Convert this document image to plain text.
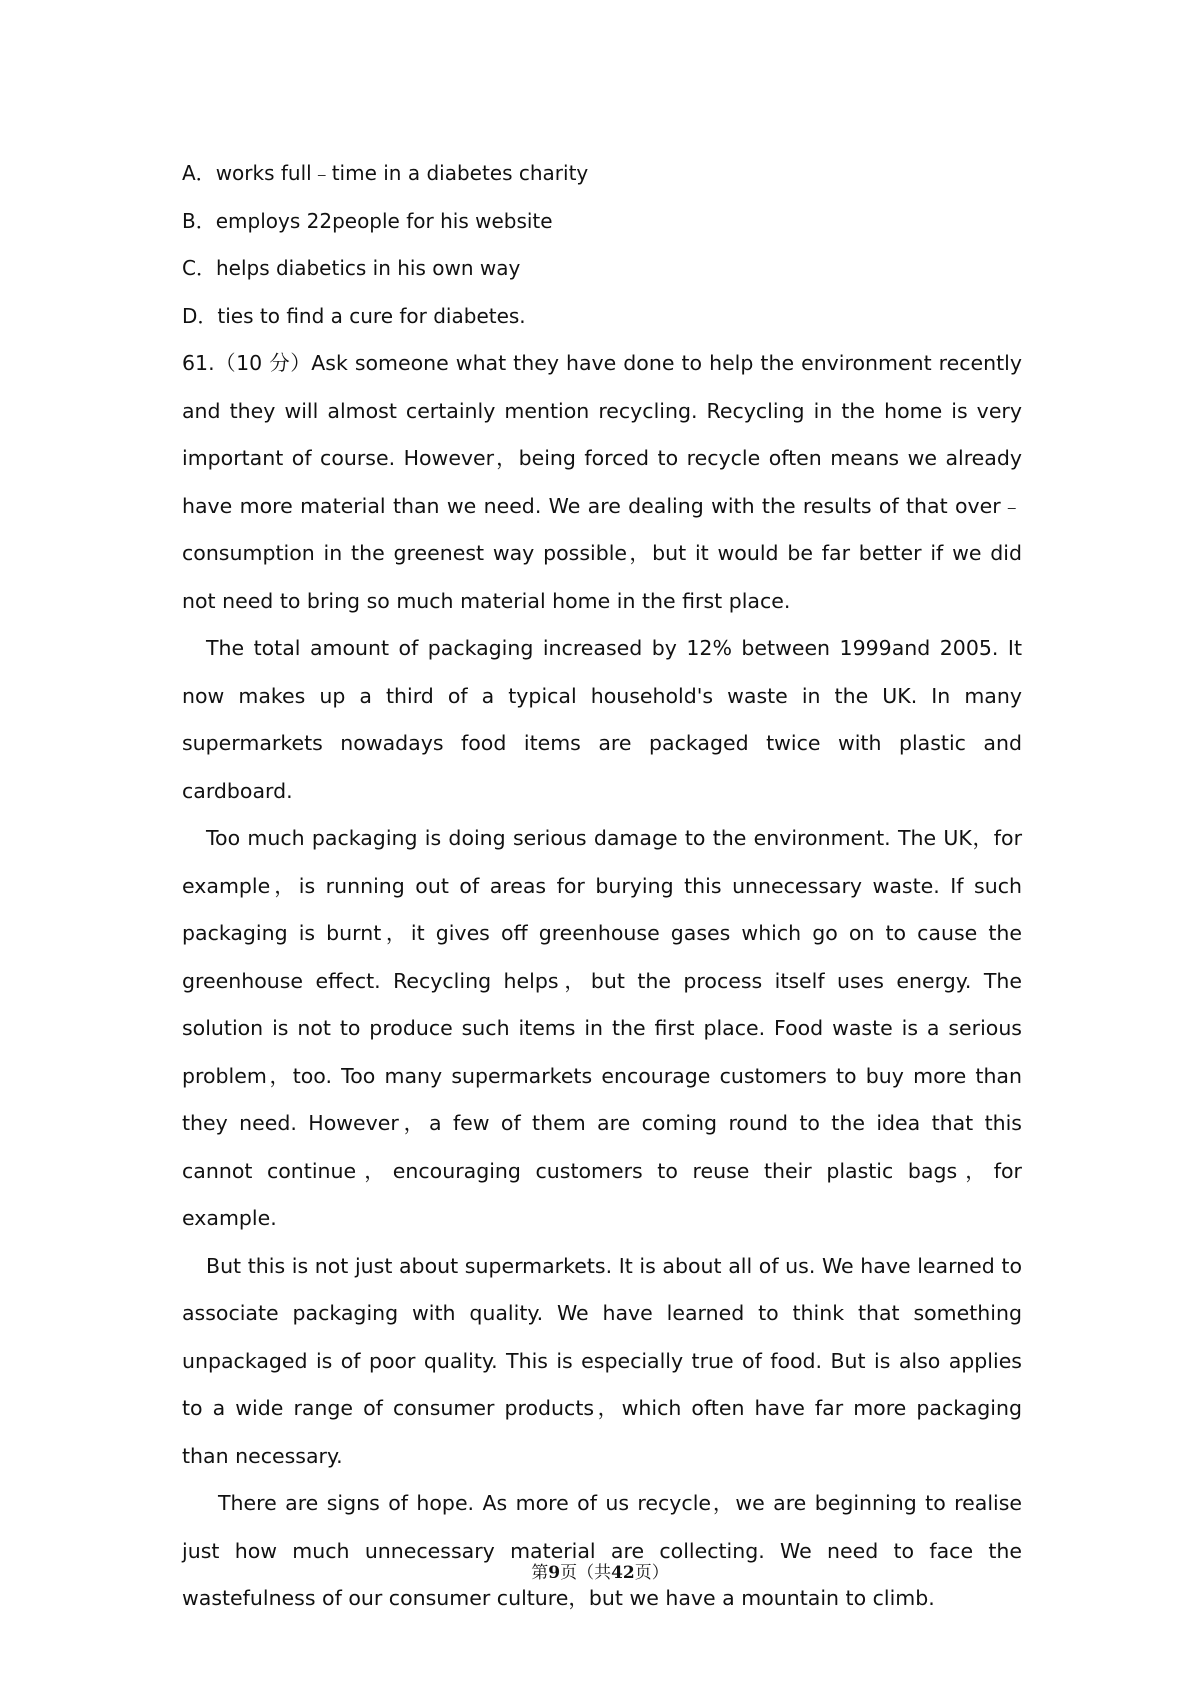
A．works full﹣time in a diabetes charity
B．employs 22people for his website
C．helps diabetics in his own way
D．ties to find a cure for diabetes.

61.（10 分）Ask someone what they have done to help the environment recently and they will almost certainly mention recycling. Recycling in the home is very important of course. However，being forced to recycle often means we already have more material than we need. We are dealing with the results of that over﹣consumption in the greenest way possible，but it would be far better if we did not need to bring so much material home in the first place.

The total amount of packaging increased by 12% between 1999and 2005. It now makes up a third of a typical household's waste in the UK. In many supermarkets nowadays food items are packaged twice with plastic and cardboard.

Too much packaging is doing serious damage to the environment. The UK，for example，is running out of areas for burying this unnecessary waste. If such packaging is burnt，it gives off greenhouse gases which go on to cause the greenhouse effect. Recycling helps，but the process itself uses energy. The solution is not to produce such items in the first place. Food waste is a serious problem，too. Too many supermarkets encourage customers to buy more than they need. However，a few of them are coming round to the idea that this cannot continue，encouraging customers to reuse their plastic bags，for example.

But this is not just about supermarkets. It is about all of us. We have learned to associate packaging with quality. We have learned to think that something unpackaged is of poor quality. This is especially true of food. But is also applies to a wide range of consumer products，which often have far more packaging than necessary.

There are signs of hope. As more of us recycle，we are beginning to realise just how much unnecessary material are collecting. We need to face the wastefulness of our consumer culture，but we have a mountain to climb.

第9页（共42页）
